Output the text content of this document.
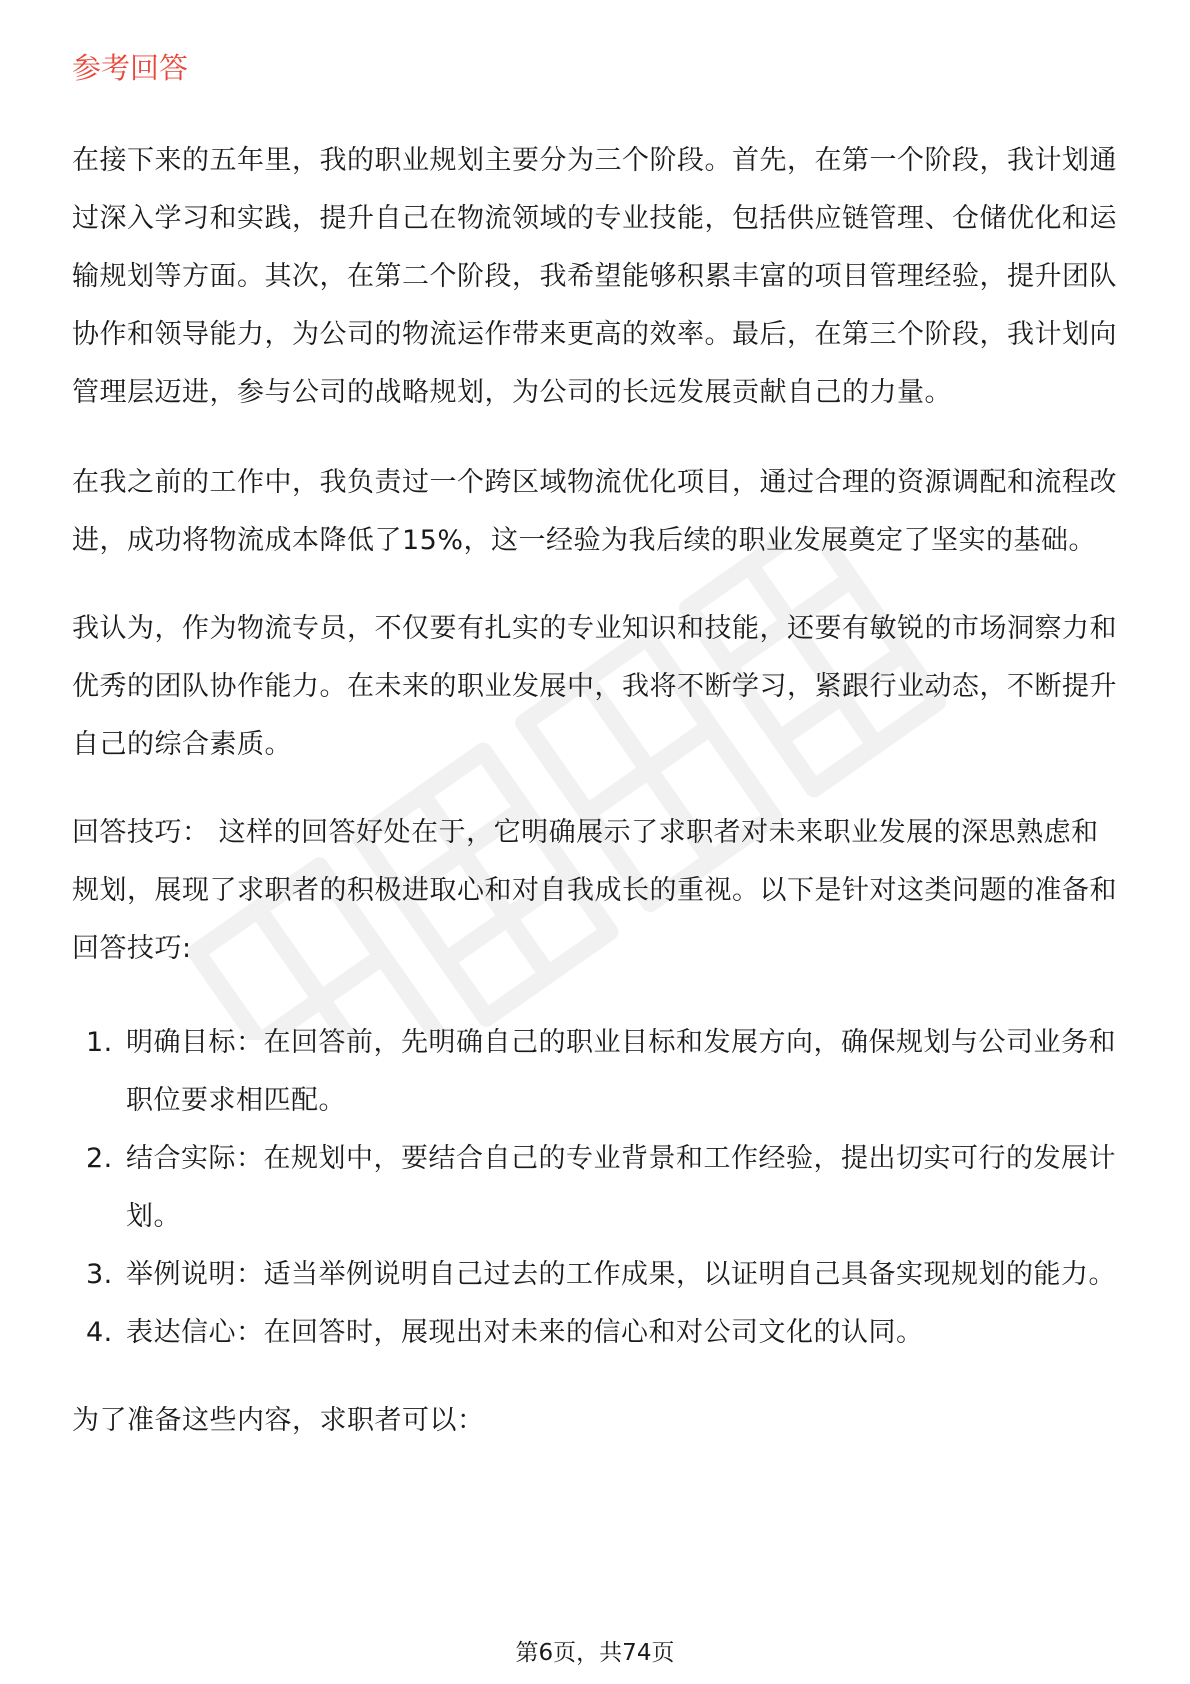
参考回答

在接下来的五年里，我的职业规划主要分为三个阶段。首先，在第一个阶段，我计划通过深入学习和实践，提升自己在物流领域的专业技能，包括供应链管理、仓储优化和运输规划等方面。其次，在第二个阶段，我希望能够积累丰富的项目管理经验，提升团队协作和领导能力，为公司的物流运作带来更高的效率。最后，在第三个阶段，我计划向管理层迈进，参与公司的战略规划，为公司的长远发展贡献自己的力量。

在我之前的工作中，我负责过一个跨区域物流优化项目，通过合理的资源调配和流程改进，成功将物流成本降低了15%，这一经验为我后续的职业发展奠定了坚实的基础。

我认为，作为物流专员，不仅要有扎实的专业知识和技能，还要有敏锐的市场洞察力和优秀的团队协作能力。在未来的职业发展中，我将不断学习，紧跟行业动态，不断提升自己的综合素质。

回答技巧： 这样的回答好处在于，它明确展示了求职者对未来职业发展的深思熟虑和规划，展现了求职者的积极进取心和对自我成长的重视。以下是针对这类问题的准备和回答技巧:

1. 明确目标：在回答前，先明确自己的职业目标和发展方向，确保规划与公司业务和职位要求相匹配。
2. 结合实际：在规划中，要结合自己的专业背景和工作经验，提出切实可行的发展计划。
3. 举例说明：适当举例说明自己过去的工作成果，以证明自己具备实现规划的能力。
4. 表达信心：在回答时，展现出对未来的信心和对公司文化的认同。

为了准备这些内容，求职者可以：

第6页，共74页
